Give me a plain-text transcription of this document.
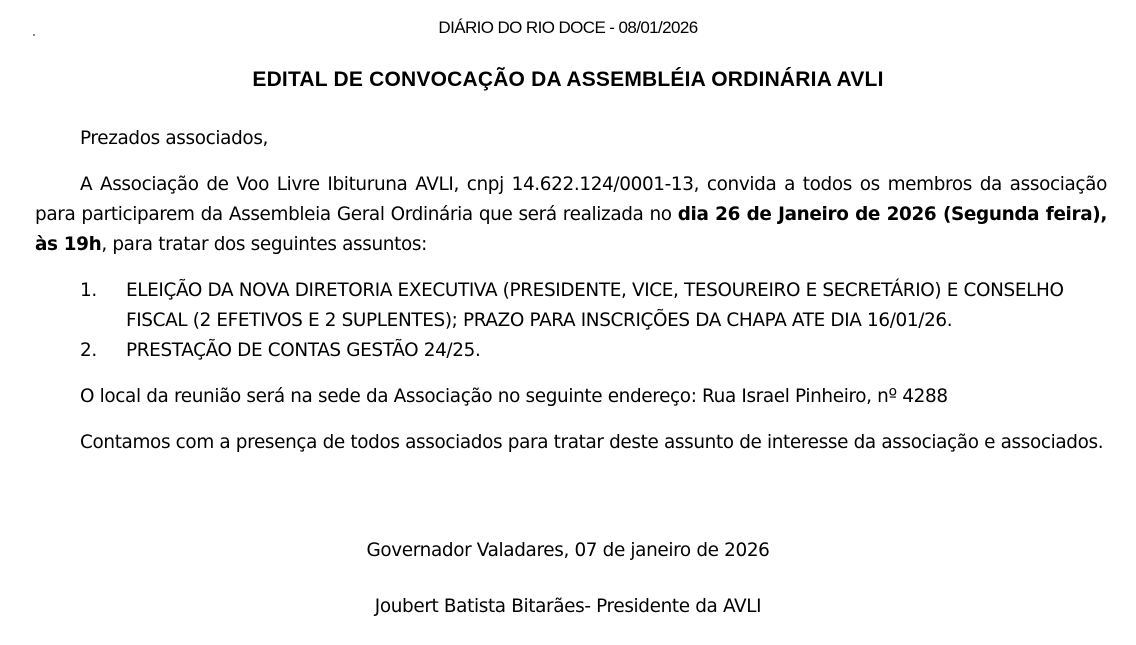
DIÁRIO DO RIO DOCE - 08/01/2026
EDITAL DE CONVOCAÇÃO DA ASSEMBLÉIA ORDINÁRIA AVLI

Prezados associados,

A Associação de Voo Livre Ibituruna AVLI, cnpj 14.622.124/0001-13, convida a todos os membros da associação para participarem da Assembleia Geral Ordinária que será realizada no dia 26 de Janeiro de 2026 (Segunda feira), às 19h, para tratar dos seguintes assuntos:

1. ELEIÇÃO DA NOVA DIRETORIA EXECUTIVA (PRESIDENTE, VICE, TESOUREIRO E SECRETÁRIO) E CONSELHO FISCAL (2 EFETIVOS E 2 SUPLENTES); PRAZO PARA INSCRIÇÕES DA CHAPA ATE DIA 16/01/26.
2. PRESTAÇÃO DE CONTAS GESTÃO 24/25.

O local da reunião será na sede da Associação no seguinte endereço: Rua Israel Pinheiro, nº 4288

Contamos com a presença de todos associados para tratar deste assunto de interesse da associação e associados.

Governador Valadares, 07 de janeiro de 2026
Joubert Batista Bitarães- Presidente da AVLI
